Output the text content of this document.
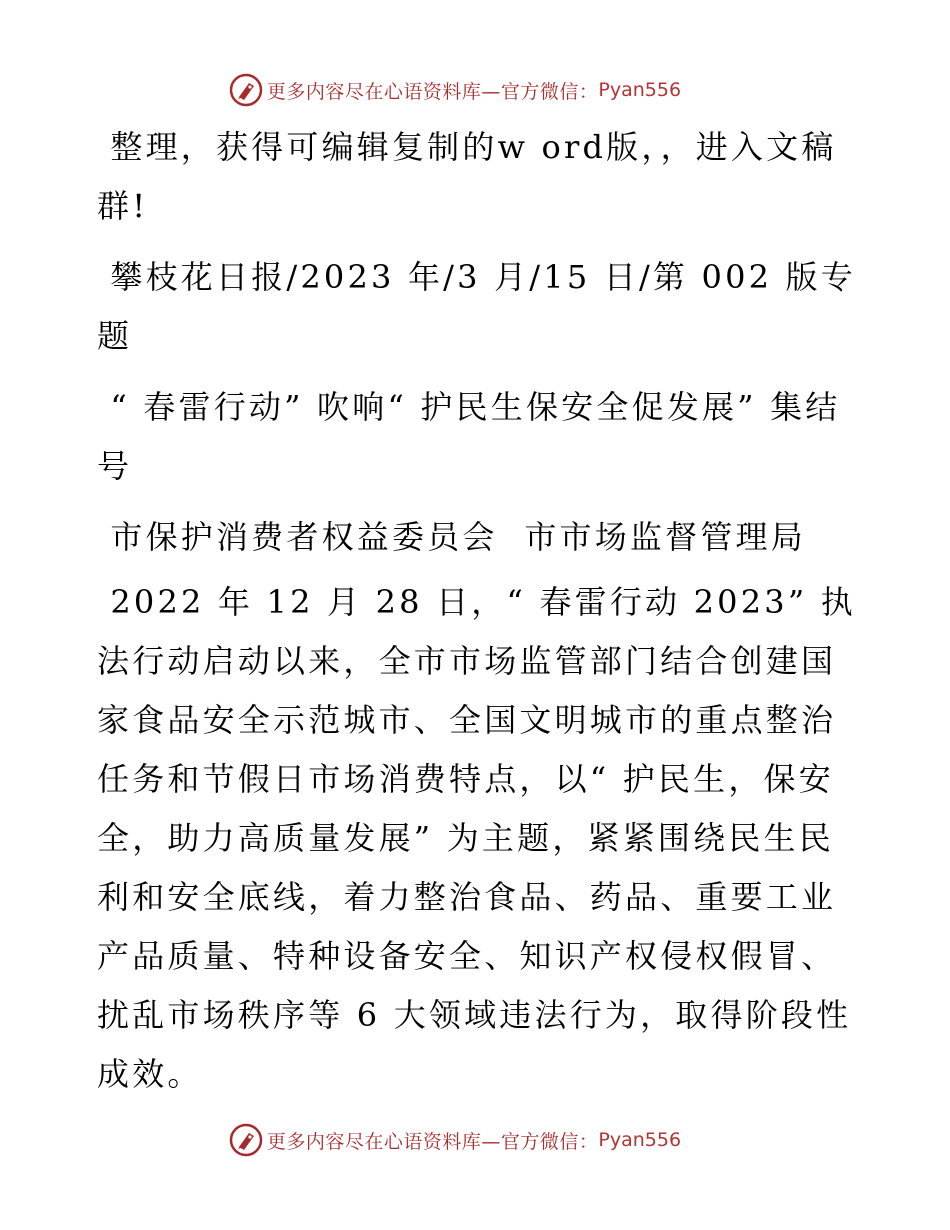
更多内容尽在心语资料库—官方微信： Pyan556

整理，获得可编辑复制的w ord版，，进入文稿群!

攀枝花日报/2023 年/3 月/15 日/第 002 版专题

“ 春雷行动” 吹响“ 护民生保安全促发展” 集结号

市保护消费者权益委员会  市市场监督管理局

2022 年 12 月 28 日，“ 春雷行动 2023” 执法行动启动以来，全市市场监管部门结合创建国家食品安全示范城市、全国文明城市的重点整治任务和节假日市场消费特点，以“ 护民生，保安全，助力高质量发展” 为主题，紧紧围绕民生民利和安全底线，着力整治食品、药品、重要工业产品质量、特种设备安全、知识产权侵权假冒、扰乱市场秩序等 6 大领域违法行为，取得阶段性成效。

更多内容尽在心语资料库—官方微信： Pyan556
